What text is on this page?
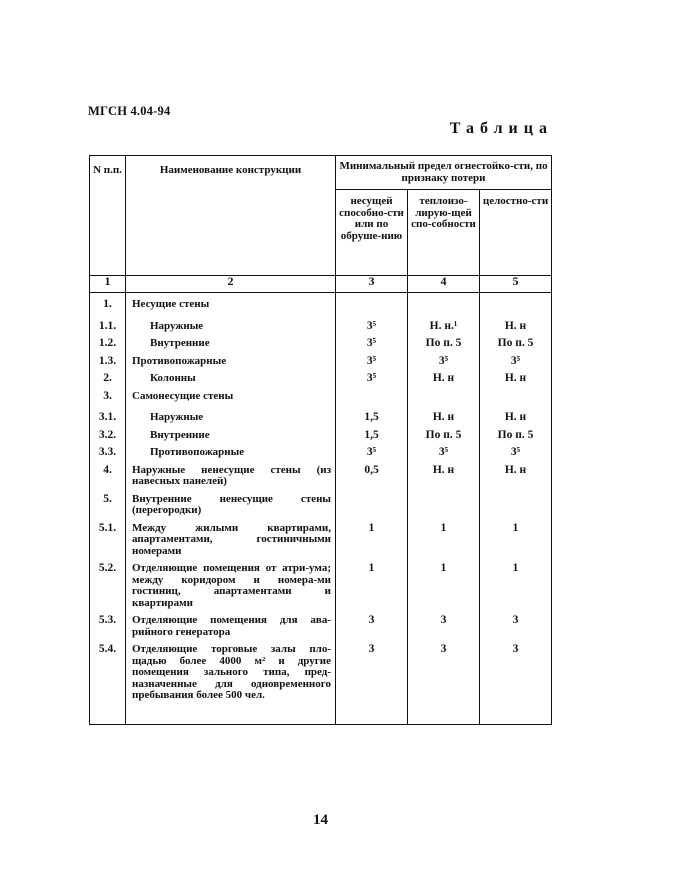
МГСН 4.04-94
Таблица
N п.п.	Наименование конструкции	Минимальный предел огнестойко-сти, по признаку потери		
		несущей способно-сти или по обруше-нию	теплоизо-лирую-щей спо-собности	целостно-сти
1	2	3	4	5
1.	Несущие стены			
1.1.	Наружные	3⁵	Н. н.¹	Н. н
1.2.	Внутренние	3⁵	По п. 5	По п. 5
1.3.	Противопожарные	3⁵	3⁵	3⁵
2.	Колонны	3⁵	Н. н	Н. н
3.	Самонесущие стены			
3.1.	Наружные	1,5	Н. н	Н. н
3.2.	Внутренние	1,5	По п. 5	По п. 5
3.3.	Противопожарные	3⁵	3⁵	3⁵
4.	Наружные ненесущие стены (из навесных панелей)	0,5	Н. н	Н. н
5.	Внутренние ненесущие стены (перегородки)			
5.1.	Между жилыми квартирами, апартаментами, гостиничными номерами	1	1	1
5.2.	Отделяющие помещения от атри-ума; между коридором и номера-ми гостиниц, апартаментами и квартирами	1	1	1
5.3.	Отделяющие помещения для ава-рийного генератора	3	3	3
5.4.	Отделяющие торговые залы пло-щадью более 4000 м² и другие помещения зального типа, пред-назначенные для одновременного пребывания более 500 чел.	3	3	3
14
